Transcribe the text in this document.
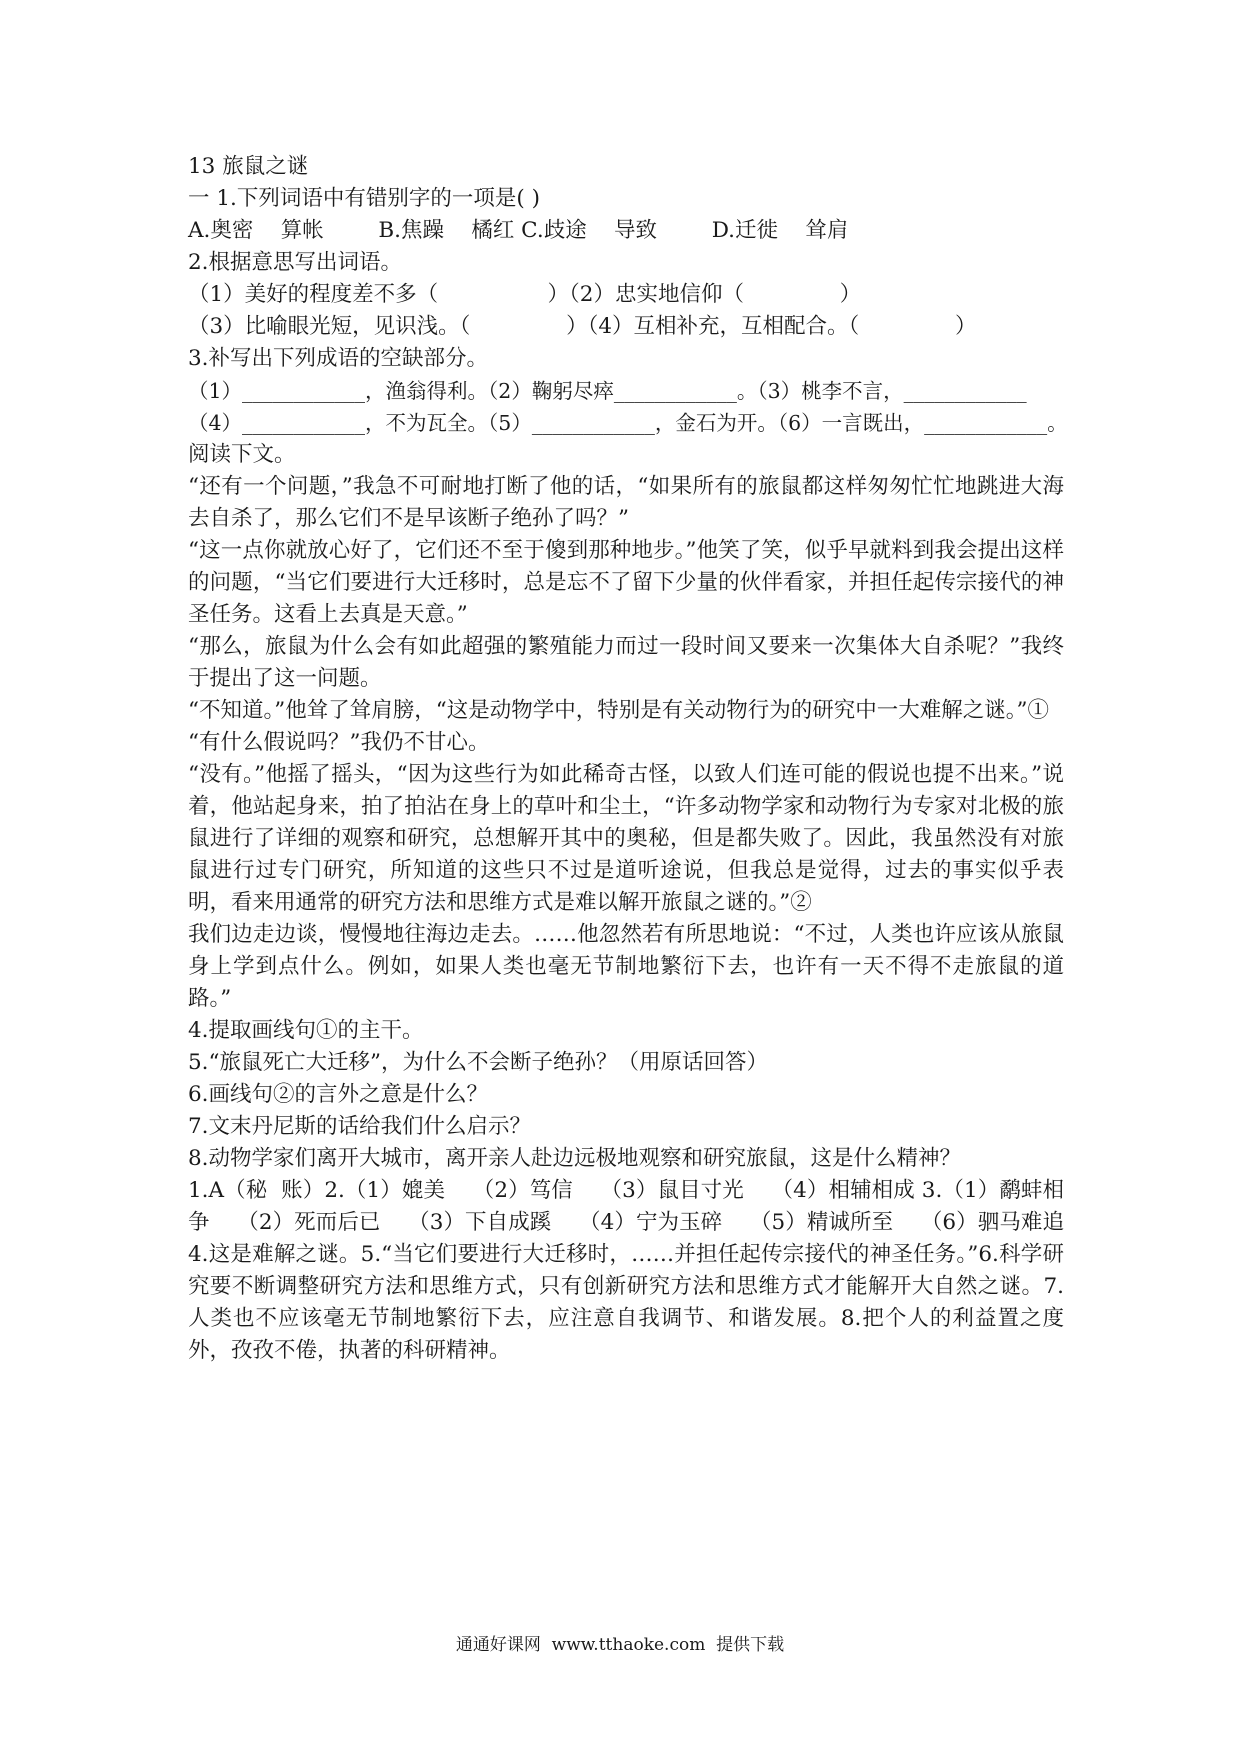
13 旅鼠之谜
一 1.下列词语中有错别字的一项是( )
A.奥密    算帐        B.焦躁    橘红 C.歧途    导致        D.迁徙    耸肩
2.根据意思写出词语。
（1）美好的程度差不多（                ）（2）忠实地信仰（              ）
（3）比喻眼光短，见识浅。（              ）（4）互相补充，互相配合。（              ）
3.补写出下列成语的空缺部分。
（1）____________，渔翁得利。（2）鞠躬尽瘁____________。（3）桃李不言，____________
（4）____________，不为瓦全。（5）____________，金石为开。（6）一言既出，____________。
阅读下文。
“还有一个问题，”我急不可耐地打断了他的话，“如果所有的旅鼠都这样匆匆忙忙地跳进大海去自杀了，那么它们不是早该断子绝孙了吗？”
“这一点你就放心好了，它们还不至于傻到那种地步。”他笑了笑，似乎早就料到我会提出这样的问题，“当它们要进行大迁移时，总是忘不了留下少量的伙伴看家，并担任起传宗接代的神圣任务。这看上去真是天意。”
“那么，旅鼠为什么会有如此超强的繁殖能力而过一段时间又要来一次集体大自杀呢？”我终于提出了这一问题。
“不知道。”他耸了耸肩膀，“这是动物学中，特别是有关动物行为的研究中一大难解之谜。”①
“有什么假说吗？”我仍不甘心。
“没有。”他摇了摇头，“因为这些行为如此稀奇古怪，以致人们连可能的假说也提不出来。”说着，他站起身来，拍了拍沾在身上的草叶和尘土，“许多动物学家和动物行为专家对北极的旅鼠进行了详细的观察和研究，总想解开其中的奥秘，但是都失败了。因此，我虽然没有对旅鼠进行过专门研究，所知道的这些只不过是道听途说，但我总是觉得，过去的事实似乎表明，看来用通常的研究方法和思维方式是难以解开旅鼠之谜的。”②
我们边走边谈，慢慢地往海边走去。……他忽然若有所思地说：“不过，人类也许应该从旅鼠身上学到点什么。例如，如果人类也毫无节制地繁衍下去，也许有一天不得不走旅鼠的道路。”
4.提取画线句①的主干。
5.“旅鼠死亡大迁移”，为什么不会断子绝孙？（用原话回答）
6.画线句②的言外之意是什么？
7.文末丹尼斯的话给我们什么启示？
8.动物学家们离开大城市，离开亲人赴边远极地观察和研究旅鼠，这是什么精神？
1.A（秘  账）2.（1）媲美    （2）笃信    （3）鼠目寸光    （4）相辅相成 3.（1）鹬蚌相争    （2）死而后已    （3）下自成蹊    （4）宁为玉碎    （5）精诚所至    （6）驷马难追 4.这是难解之谜。5.“当它们要进行大迁移时，……并担任起传宗接代的神圣任务。”6.科学研究要不断调整研究方法和思维方式，只有创新研究方法和思维方式才能解开大自然之谜。7.人类也不应该毫无节制地繁衍下去，应注意自我调节、和谐发展。8.把个人的利益置之度外，孜孜不倦，执著的科研精神。
通通好课网  www.tthaoke.com  提供下载
